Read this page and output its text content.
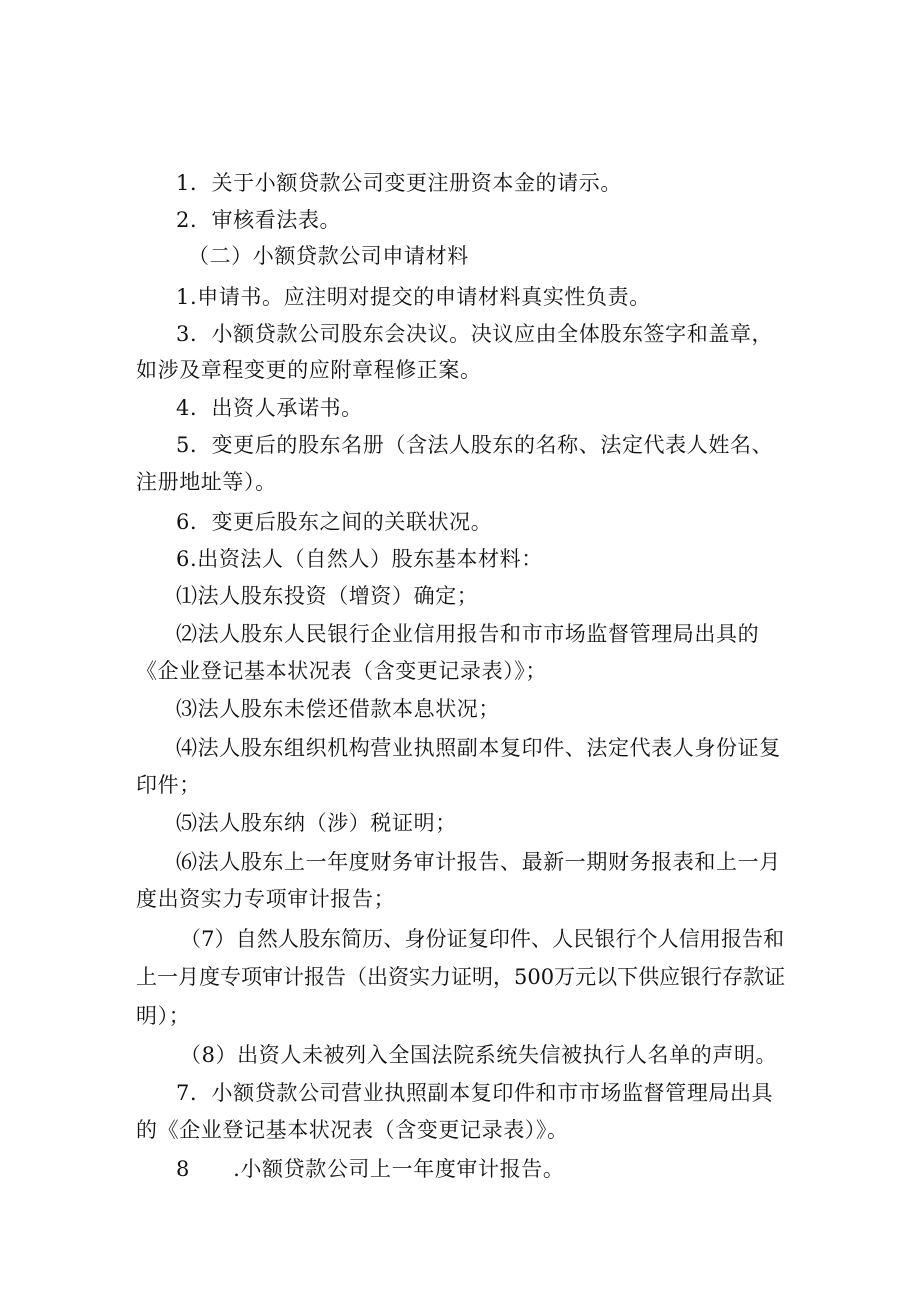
1．关于小额贷款公司变更注册资本金的请示。
2．审核看法表。
（二）小额贷款公司申请材料
1.申请书。应注明对提交的申请材料真实性负责。
3．小额贷款公司股东会决议。决议应由全体股东签字和盖章，
如涉及章程变更的应附章程修正案。
4．出资人承诺书。
5．变更后的股东名册（含法人股东的名称、法定代表人姓名、
注册地址等）。
6．变更后股东之间的关联状况。
6.出资法人（自然人）股东基本材料：
⑴法人股东投资（增资）确定；
⑵法人股东人民银行企业信用报告和市市场监督管理局出具的
《企业登记基本状况表（含变更记录表）》；
⑶法人股东未偿还借款本息状况；
⑷法人股东组织机构营业执照副本复印件、法定代表人身份证复
印件；
⑸法人股东纳（涉）税证明；
⑹法人股东上一年度财务审计报告、最新一期财务报表和上一月
度出资实力专项审计报告；
（7）自然人股东简历、身份证复印件、人民银行个人信用报告和
上一月度专项审计报告（出资实力证明，500万元以下供应银行存款证
明）；
（8）出资人未被列入全国法院系统失信被执行人名单的声明。
7．小额贷款公司营业执照副本复印件和市市场监督管理局出具
的《企业登记基本状况表（含变更记录表）》。
8　　.小额贷款公司上一年度审计报告。
